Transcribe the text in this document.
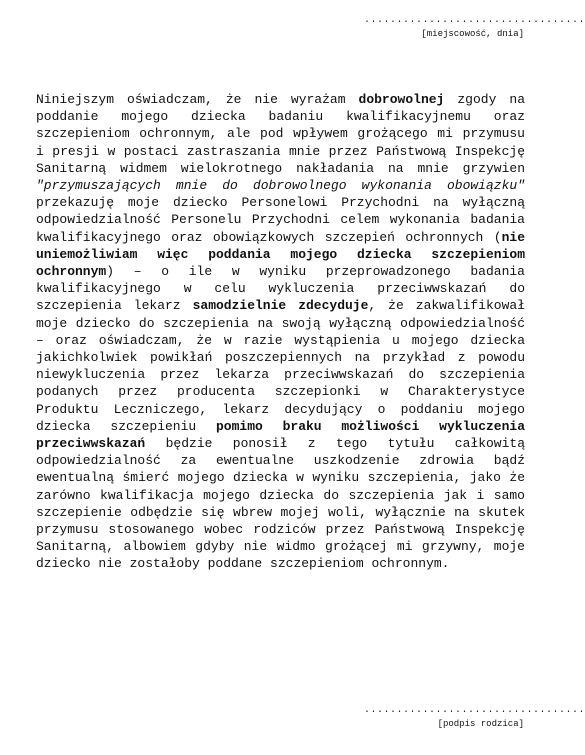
..................................
[miejscowość, dnia]

Niniejszym oświadczam, że nie wyrażam dobrowolnej zgody na poddanie mojego dziecka badaniu kwalifikacyjnemu oraz szczepieniom ochronnym, ale pod wpływem grożącego mi przymusu i presji w postaci zastraszania mnie przez Państwową Inspekcję Sanitarną widmem wielokrotnego nakładania na mnie grzywien "przymuszających mnie do dobrowolnego wykonania obowiązku" przekazuję moje dziecko Personelowi Przychodni na wyłączną odpowiedzialność Personelu Przychodni celem wykonania badania kwalifikacyjnego oraz obowiązkowych szczepień ochronnych (nie uniemożliwiam więc poddania mojego dziecka szczepieniom ochronnym) – o ile w wyniku przeprowadzonego badania kwalifikacyjnego w celu wykluczenia przeciwwskazań do szczepienia lekarz samodzielnie zdecyduje, że zakwalifikował moje dziecko do szczepienia na swoją wyłączną odpowiedzialność – oraz oświadczam, że w razie wystąpienia u mojego dziecka jakichkolwiek powikłań poszczepiennych na przykład z powodu niewykluczenia przez lekarza przeciwwskazań do szczepienia podanych przez producenta szczepionki w Charakterystyce Produktu Leczniczego, lekarz decydujący o poddaniu mojego dziecka szczepieniu pomimo braku możliwości wykluczenia przeciwwskazań będzie ponosił z tego tytułu całkowitą odpowiedzialność za ewentualne uszkodzenie zdrowia bądź ewentualną śmierć mojego dziecka w wyniku szczepienia, jako że zarówno kwalifikacja mojego dziecka do szczepienia jak i samo szczepienie odbędzie się wbrew mojej woli, wyłącznie na skutek przymusu stosowanego wobec rodziców przez Państwową Inspekcję Sanitarną, albowiem gdyby nie widmo grożącej mi grzywny, moje dziecko nie zostałoby poddane szczepieniom ochronnym.

..................................
[podpis rodzica]
